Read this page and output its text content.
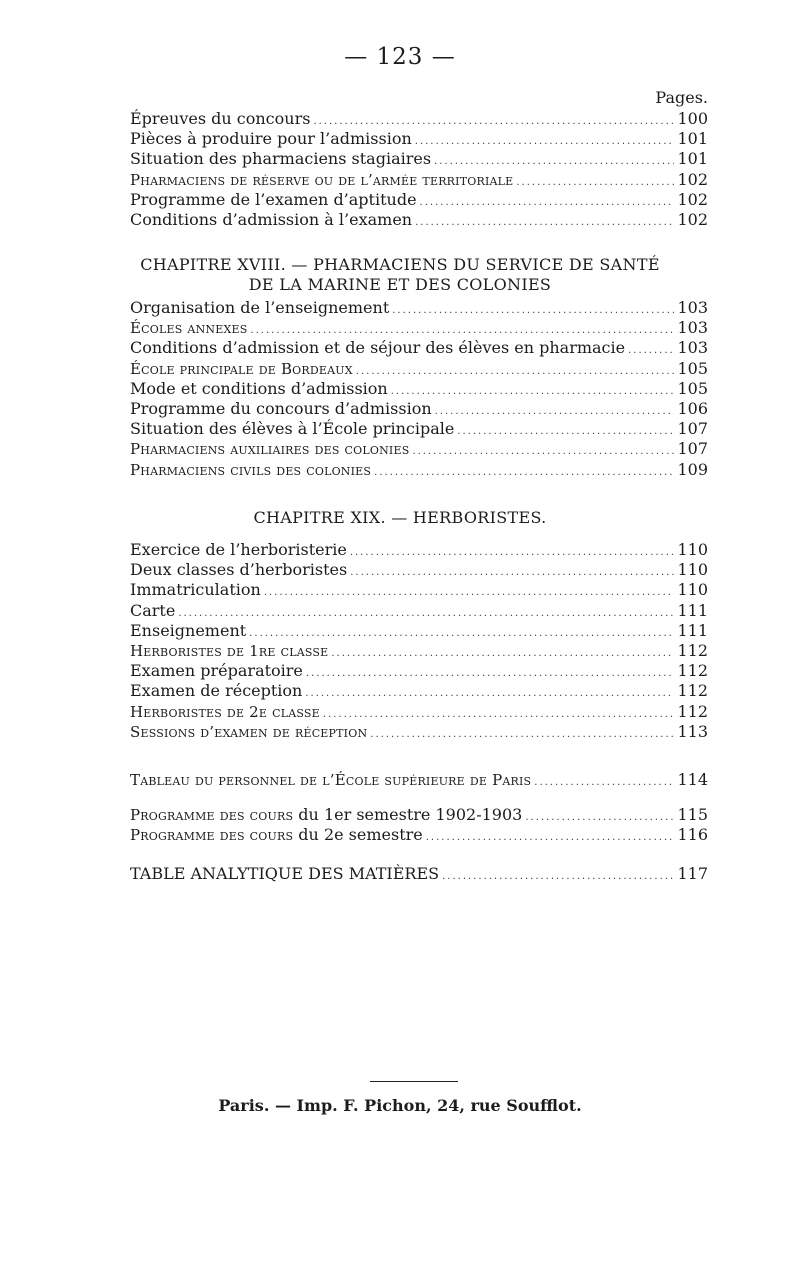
— 123 —
Pages.
Épreuves du concours .....	100
Pièces à produire pour l’admission .....	101
Situation des pharmaciens stagiaires .....	101
Pharmaciens de réserve ou de l’armée territoriale .....	102
Programme de l’examen d’aptitude .....	102
Conditions d’admission à l’examen .....	102
CHAPITRE XVIII. — PHARMACIENS DU SERVICE DE SANTÉ
DE LA MARINE ET DES COLONIES
Organisation de l’enseignement .....	103
Écoles annexes .....	103
Conditions d’admission et de séjour des élèves en pharmacie .....	103
École principale de Bordeaux .....	105
Mode et conditions d’admission .....	105
Programme du concours d’admission .....	106
Situation des élèves à l’École principale .....	107
Pharmaciens auxiliaires des colonies .....	107
Pharmaciens civils des colonies .....	109
CHAPITRE XIX. — HERBORISTES.
Exercice de l’herboristerie .....	110
Deux classes d’herboristes .....	110
Immatriculation .....	110
Carte .....	111
Enseignement .....	111
Herboristes de 1re classe .....	112
Examen préparatoire .....	112
Examen de réception .....	112
Herboristes de 2e classe .....	112
Sessions d’examen de réception .....	113
Tableau du personnel de l’École supérieure de Paris .....	114
Programme des cours du 1er semestre 1902-1903 .....	115
Programme des cours du 2e semestre .....	116
TABLE ANALYTIQUE DES MATIÈRES .....	117
Paris. — Imp. F. Pichon, 24, rue Soufflot.
